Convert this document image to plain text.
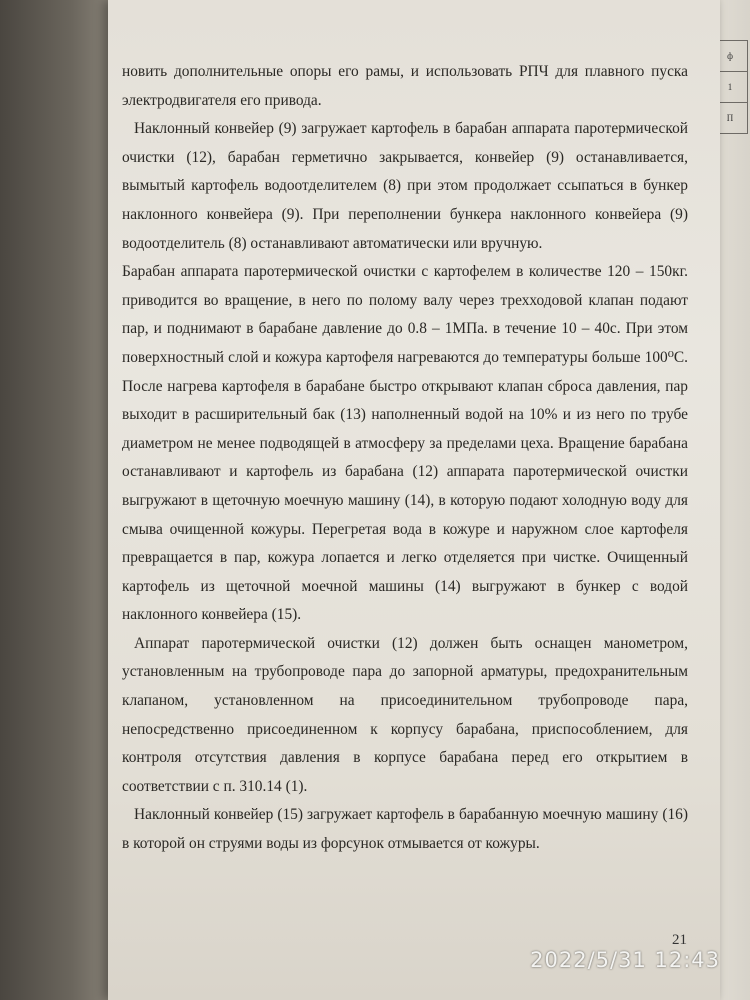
ф
1
П

новить дополнительные опоры его рамы, и использовать РПЧ для плавного пуска электродвигателя его привода.

Наклонный конвейер (9) загружает картофель в барабан аппарата паротермической очистки (12), барабан герметично закрывается, конвейер (9) останавливается, вымытый картофель водоотделителем (8) при этом продолжает ссыпаться в бункер наклонного конвейера (9). При переполнении бункера наклонного конвейера (9) водоотделитель (8) останавливают автоматически или вручную.

Барабан аппарата паротермической очистки с картофелем в количестве 120 – 150кг. приводится во вращение, в него по полому валу через трехходовой клапан подают пар, и поднимают в барабане давление до 0.8 – 1МПа. в течение 10 – 40с. При этом поверхностный слой и кожура картофеля нагреваются до температуры больше 100⁰С. После нагрева картофеля в барабане быстро открывают клапан сброса давления, пар выходит в расширительный бак (13) наполненный водой на 10% и из него по трубе диаметром не менее подводящей в атмосферу за пределами цеха. Вращение барабана останавливают и картофель из барабана (12) аппарата паротермической очистки выгружают в щеточную моечную машину (14), в которую подают холодную воду для смыва очищенной кожуры. Перегретая вода в кожуре и наружном слое картофеля превращается в пар, кожура лопается и легко отделяется при чистке. Очищенный картофель из щеточной моечной машины (14) выгружают в бункер с водой наклонного конвейера (15).

Аппарат паротермической очистки (12) должен быть оснащен манометром, установленным на трубопроводе пара до запорной арматуры, предохранительным клапаном, установленном на присоединительном трубопроводе пара, непосредственно присоединенном к корпусу барабана, приспособлением, для контроля отсутствия давления в корпусе барабана перед его открытием в соответствии с п. 310.14 (1).

Наклонный конвейер (15) загружает картофель в барабанную моечную машину (16) в которой он струями воды из форсунок отмывается от кожуры.

21
2022/5/31 12:43
